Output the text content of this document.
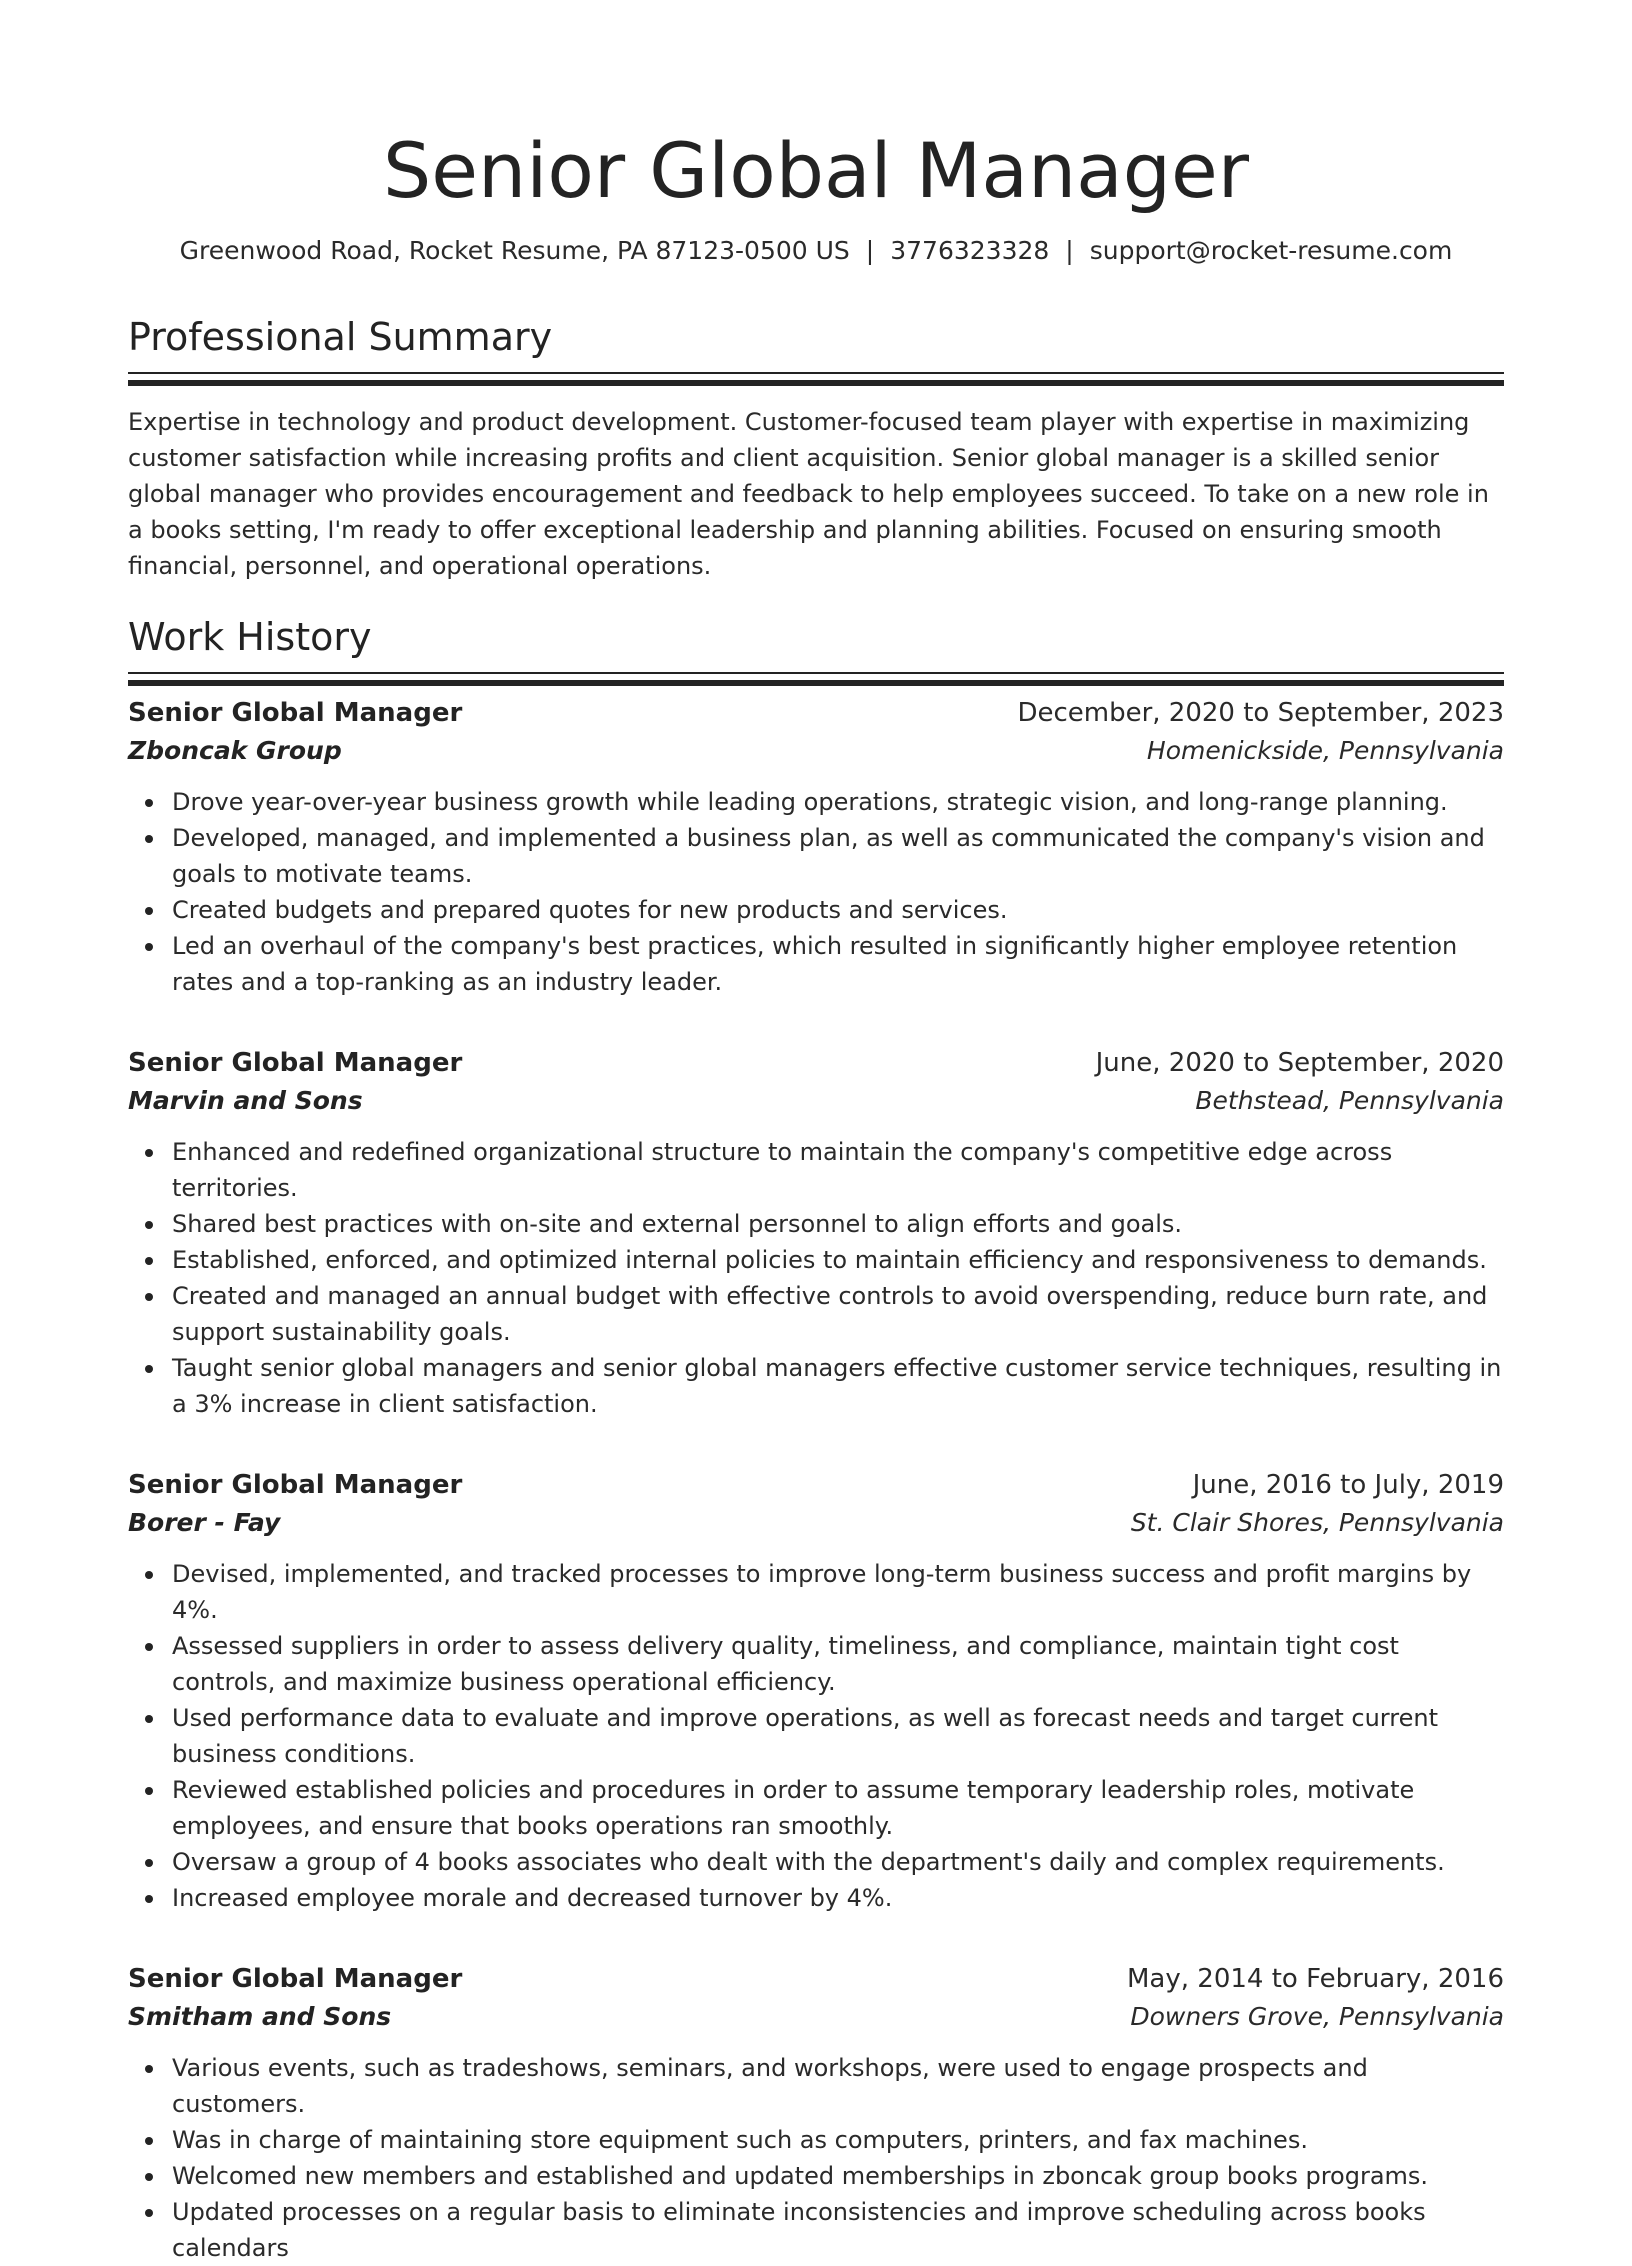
Senior Global Manager
Greenwood Road, Rocket Resume, PA 87123-0500 US | 3776323328 | support@rocket-resume.com
Professional Summary

Expertise in technology and product development. Customer-focused team player with expertise in maximizing customer satisfaction while increasing profits and client acquisition. Senior global manager is a skilled senior global manager who provides encouragement and feedback to help employees succeed. To take on a new role in a books setting, I'm ready to offer exceptional leadership and planning abilities. Focused on ensuring smooth financial, personnel, and operational operations.

Work History
Senior Global Manager	December, 2020 to September, 2023
Zboncak Group	Homenickside, Pennsylvania
Drove year-over-year business growth while leading operations, strategic vision, and long-range planning.
Developed, managed, and implemented a business plan, as well as communicated the company's vision and goals to motivate teams.
Created budgets and prepared quotes for new products and services.
Led an overhaul of the company's best practices, which resulted in significantly higher employee retention rates and a top-ranking as an industry leader.
Senior Global Manager	June, 2020 to September, 2020
Marvin and Sons	Bethstead, Pennsylvania
Enhanced and redefined organizational structure to maintain the company's competitive edge across territories.
Shared best practices with on-site and external personnel to align efforts and goals.
Established, enforced, and optimized internal policies to maintain efficiency and responsiveness to demands.
Created and managed an annual budget with effective controls to avoid overspending, reduce burn rate, and support sustainability goals.
Taught senior global managers and senior global managers effective customer service techniques, resulting in a 3% increase in client satisfaction.
Senior Global Manager	June, 2016 to July, 2019
Borer - Fay	St. Clair Shores, Pennsylvania
Devised, implemented, and tracked processes to improve long-term business success and profit margins by 4%.
Assessed suppliers in order to assess delivery quality, timeliness, and compliance, maintain tight cost controls, and maximize business operational efficiency.
Used performance data to evaluate and improve operations, as well as forecast needs and target current business conditions.
Reviewed established policies and procedures in order to assume temporary leadership roles, motivate employees, and ensure that books operations ran smoothly.
Oversaw a group of 4 books associates who dealt with the department's daily and complex requirements.
Increased employee morale and decreased turnover by 4%.
Senior Global Manager	May, 2014 to February, 2016
Smitham and Sons	Downers Grove, Pennsylvania
Various events, such as tradeshows, seminars, and workshops, were used to engage prospects and customers.
Was in charge of maintaining store equipment such as computers, printers, and fax machines.
Welcomed new members and established and updated memberships in zboncak group books programs.
Updated processes on a regular basis to eliminate inconsistencies and improve scheduling across books calendars
